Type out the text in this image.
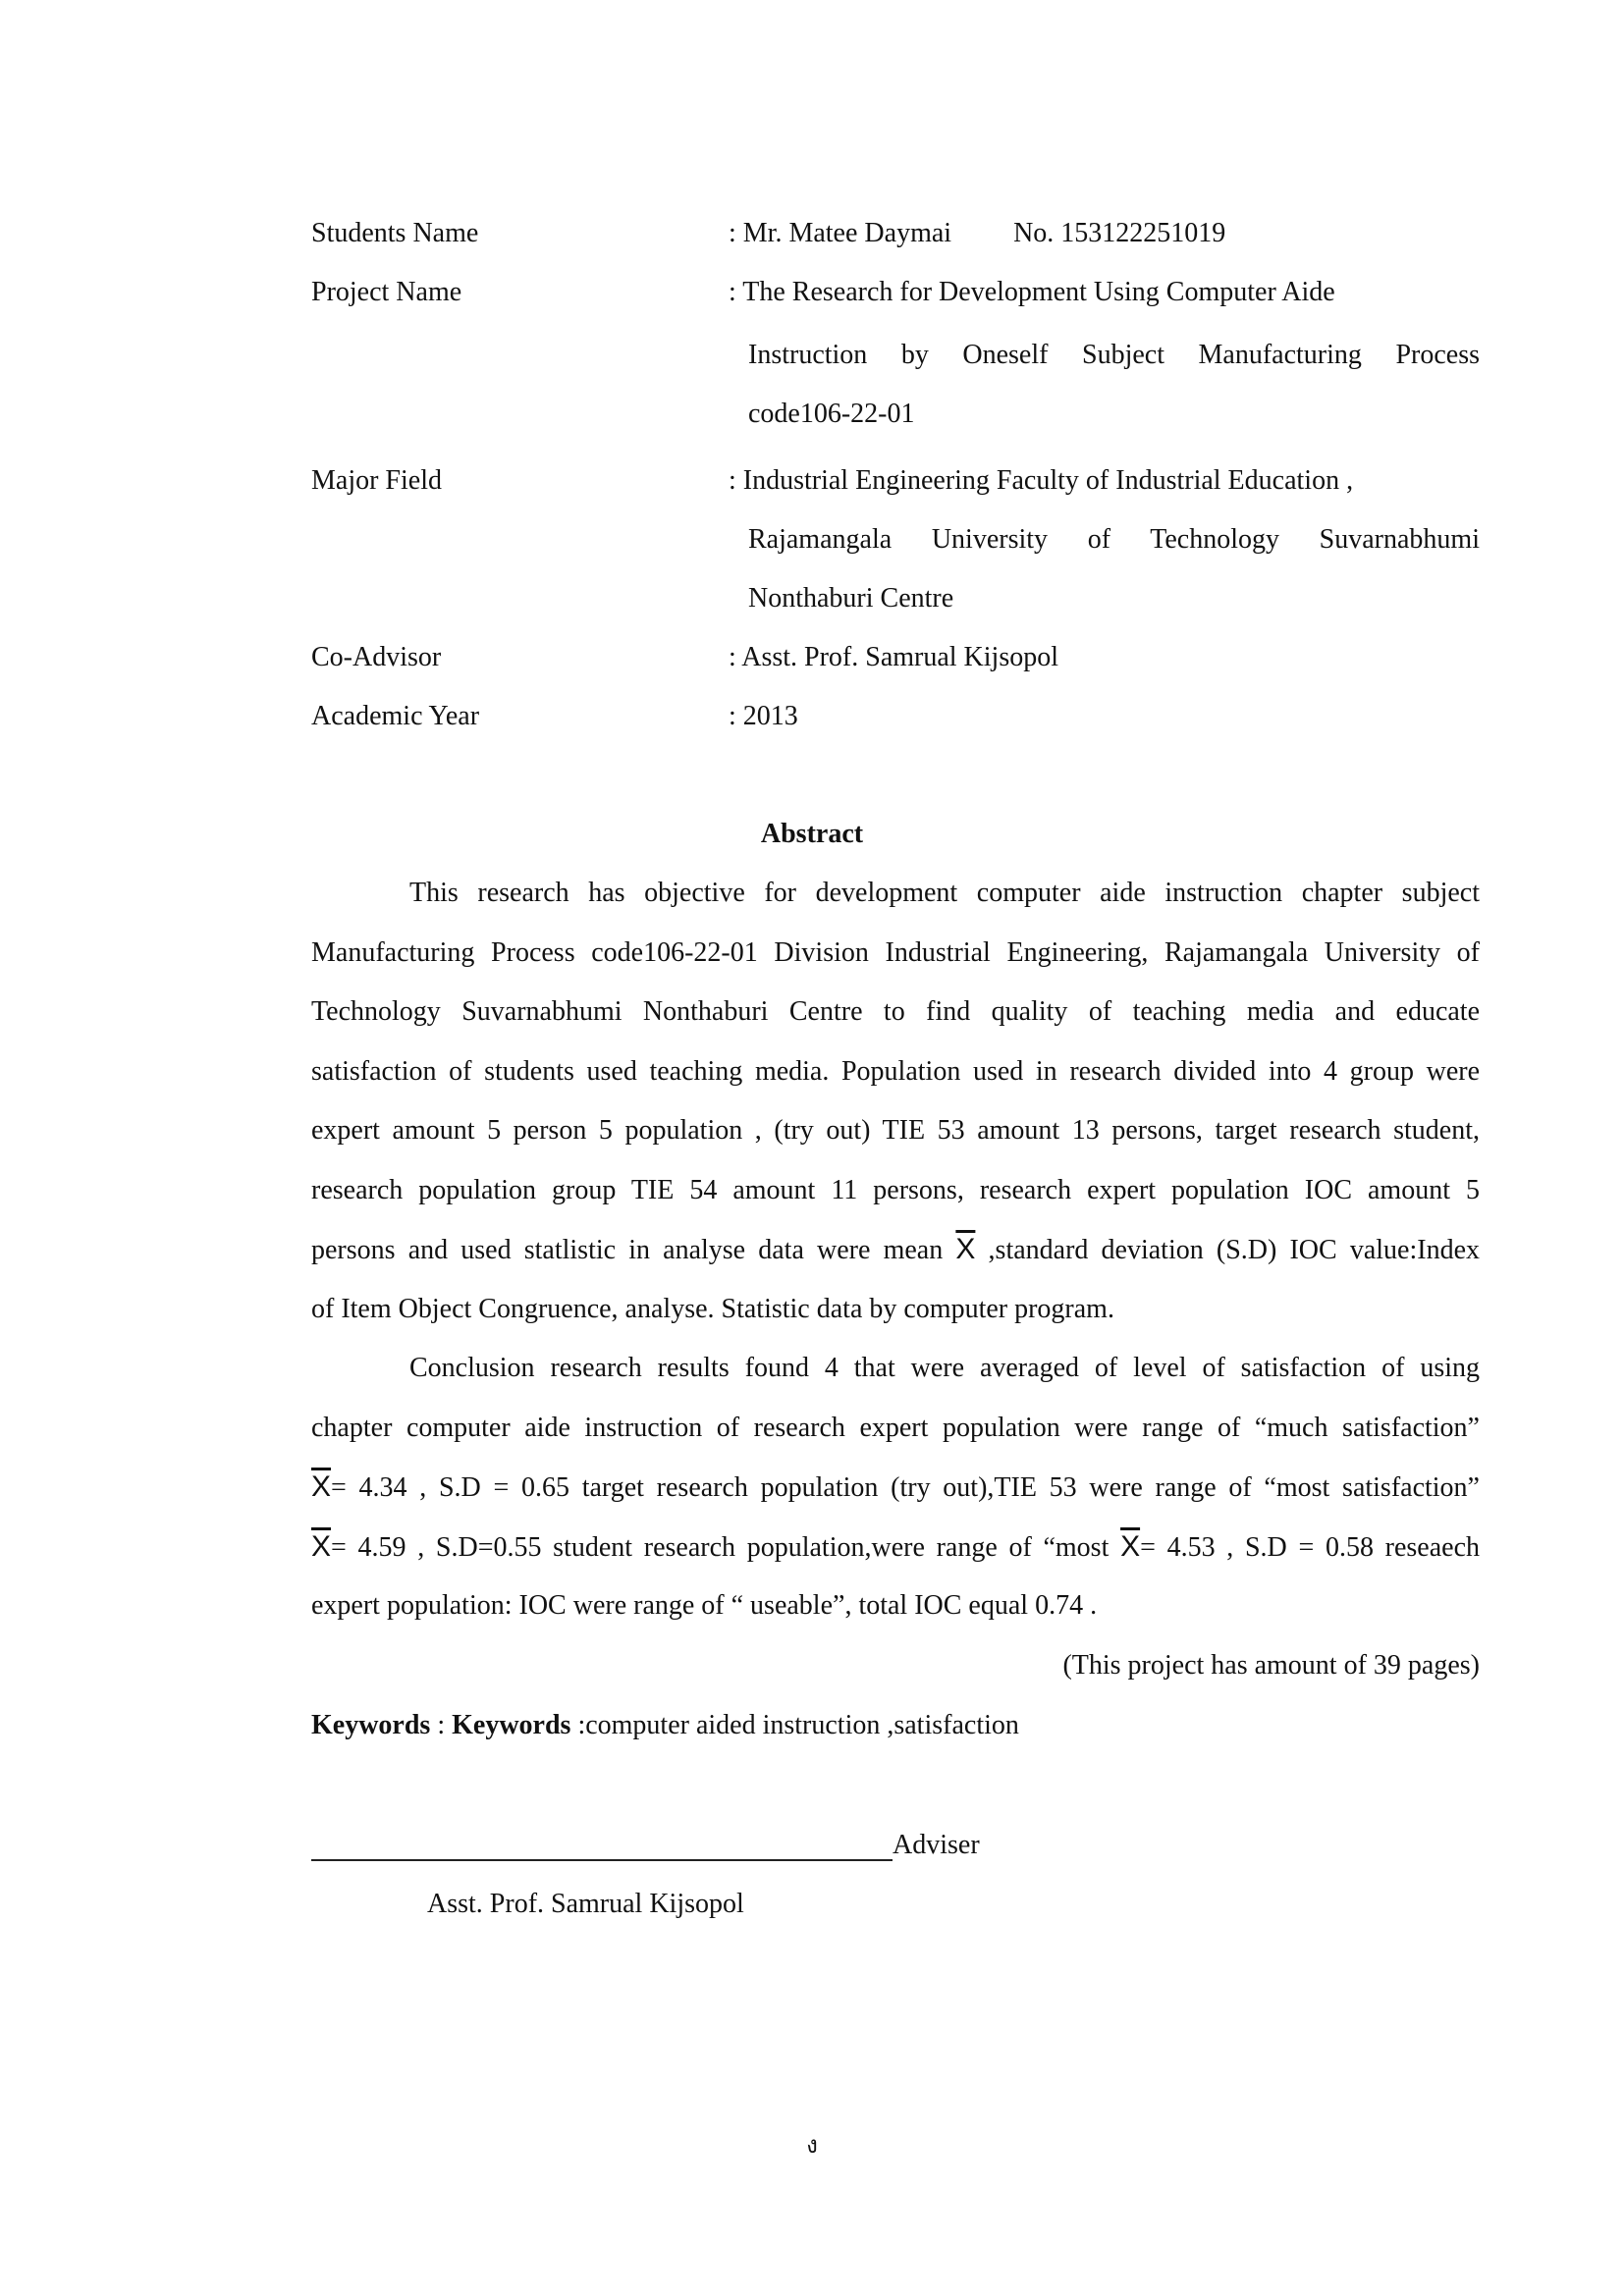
Students Name	: Mr. Matee Daymai No. 153122251019
Project Name	: The Research for Development Using Computer Aide
Instruction by Oneself Subject Manufacturing Process
code106-22-01
Major Field	: Industrial Engineering Faculty of Industrial Education ,
Rajamangala University of Technology Suvarnabhumi
Nonthaburi Centre
Co-Advisor	: Asst. Prof. Samrual Kijsopol
Academic Year	: 2013
Abstract
This research has objective for development computer aide instruction chapter subject
Manufacturing Process code106-22-01 Division Industrial Engineering, Rajamangala University of
Technology Suvarnabhumi Nonthaburi Centre to find quality of teaching media and educate
satisfaction of students used teaching media. Population used in research divided into 4 group were
expert amount 5 person 5 population , (try out) TIE 53 amount 13 persons, target research student,
research population group TIE 54 amount 11 persons, research expert population IOC amount 5
persons and used statlistic in analyse data were mean $\overline{X}$ ,standard deviation (S.D) IOC value:Index
of Item Object Congruence, analyse. Statistic data by computer program.
Conclusion research results found 4 that were averaged of level of satisfaction of using
chapter computer aide instruction of research expert population were range of “much satisfaction”
$\overline{X}= 4.34$ , S.D = 0.65 target research population (try out),TIE 53 were range of “most satisfaction”
$\overline{X}= 4.59$ , S.D=0.55 student research population,were range of “most $\overline{X}= 4.53$ , S.D = 0.58 reseaech
expert population: IOC were range of “ useable”, total IOC equal 0.74 .
(This project has amount of 39 pages)
Keywords : Keywords :computer aided instruction ,satisfaction
Adviser
Asst. Prof. Samrual Kijsopol
ง
